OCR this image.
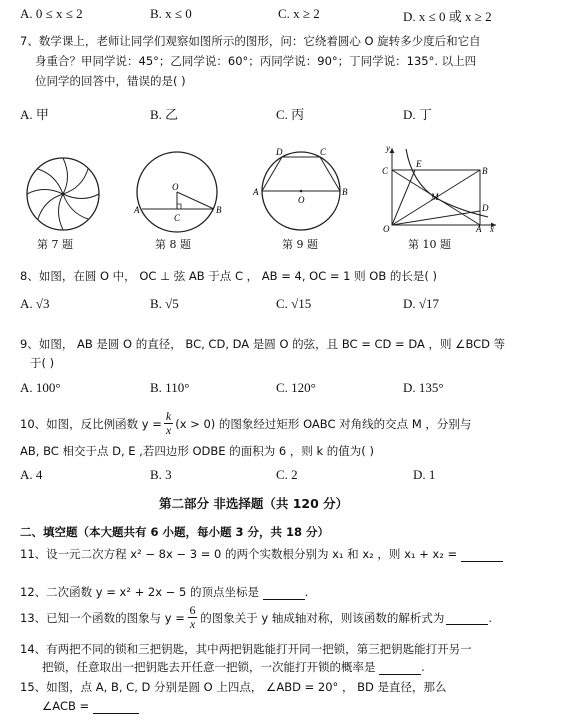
A. 0 ≤ x ≤ 2	B. x ≤ 0	C. x ≥ 2	D. x ≤ 0 或 x ≥ 2
7、数学课上，老师让同学们观察如图所示的图形，问：它绕着圆心 O 旋转多少度后和它自
身重合？甲同学说：45°；乙同学说：60°；丙同学说：90°；丁同学说：135°. 以上四
位同学的回答中，错误的是( )
A. 甲	B. 乙	C. 丙	D. 丁
第 7 题
O
A
C
B
第 8 题
D	C
A	B
O
第 9 题
y
C
E
B
M
D
O	A x
第 10 题
8、如图，在圆 O 中， OC ⊥ 弦 AB 于点 C ， AB = 4, OC = 1 则 OB 的长是( )
A. √3	B. √5	C. √15	D. √17
9、如图， AB 是圆 O 的直径， BC, CD, DA 是圆 O 的弦，且 BC = CD = DA ，则 ∠BCD 等
于( )
A. 100°	B. 110°	C. 120°	D. 135°
10、如图，反比例函数 $y = \frac{k}{x} (x > 0)$ 的图象经过矩形 OABC 对角线的交点 M ，分别与
AB, BC 相交于点 D, E ,若四边形 ODBE 的面积为 6 ，则 k 的值为( )
A. 4	B. 3	C. 2	D. 1
第二部分 非选择题（共 120 分）
二、填空题（本大题共有 6 小题，每小题 3 分，共 18 分）
11、设一元二次方程 x² − 8x − 3 = 0 的两个实数根分别为 x₁ 和 x₂ ，则 x₁ + x₂ =
12、二次函数 y = x² + 2x − 5 的顶点坐标是	.
13、已知一个函数的图象与 $y = \frac{6}{x}$ 的图象关于 y 轴成轴对称，则该函数的解析式为
	.
14、有两把不同的锁和三把钥匙，其中两把钥匙能打开同一把锁，第三把钥匙能打开另一
把锁，任意取出一把钥匙去开任意一把锁，一次能打开锁的概率是	.
15、如图，点 A, B, C, D 分别是圆 O 上四点， ∠ABD = 20° ， BD 是直径，那么
∠ACB =
